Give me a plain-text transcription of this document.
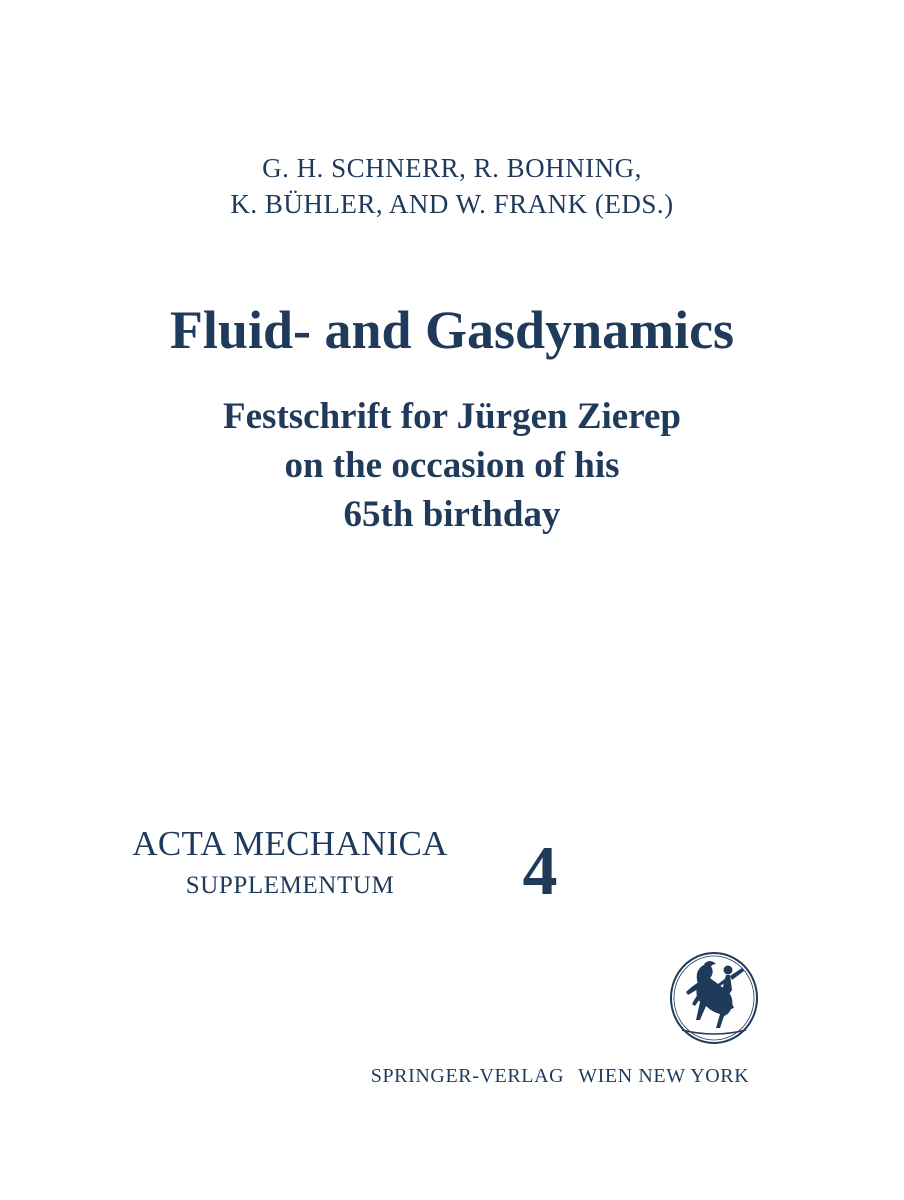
G. H. SCHNERR, R. BOHNING,
K. BÜHLER, AND W. FRANK (EDS.)
Fluid- and Gasdynamics
Festschrift for Jürgen Zierep
on the occasion of his
65th birthday
ACTA MECHANICA
SUPPLEMENTUM	4
SPRINGER-VERLAG WIEN NEW YORK
